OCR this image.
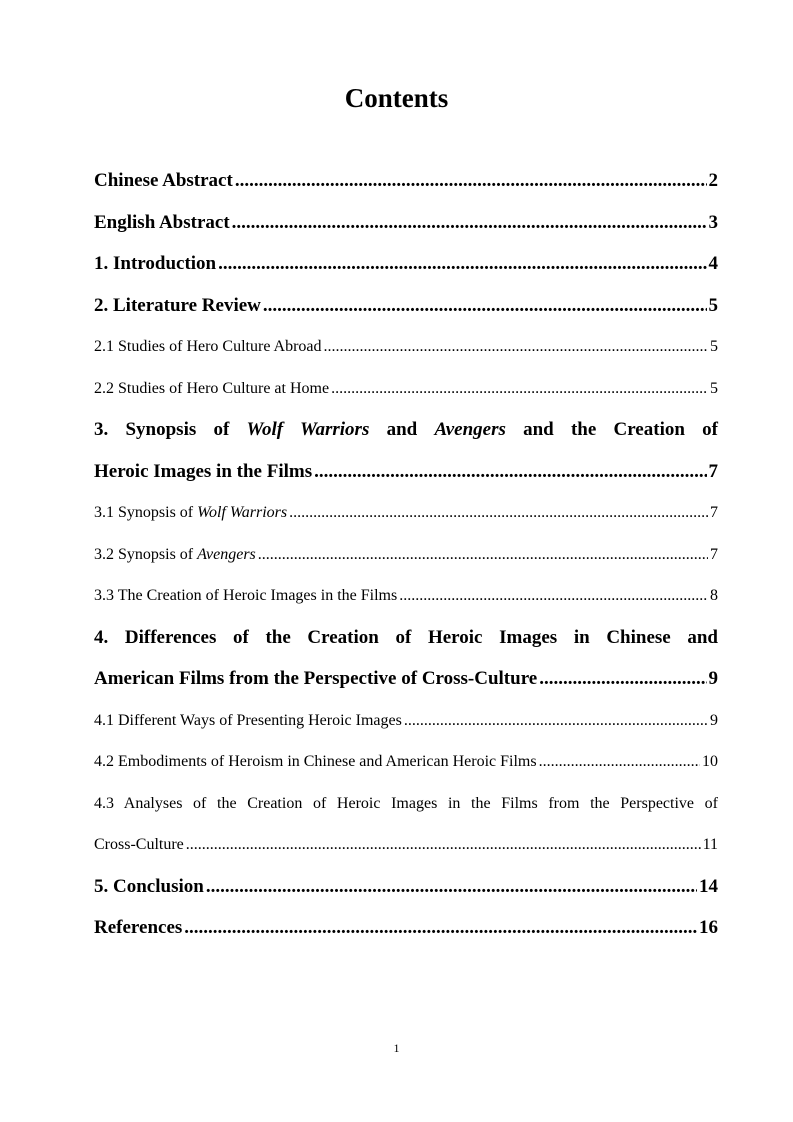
Contents
Chinese Abstract .....	2
English Abstract .....	3
1. Introduction .....	4
2. Literature Review .....	5
2.1 Studies of Hero Culture Abroad .....	5
2.2 Studies of Hero Culture at Home .....	5
3. Synopsis of Wolf Warriors and Avengers and the Creation of
Heroic Images in the Films .....	7
3.1 Synopsis of Wolf Warriors .....	7
3.2 Synopsis of Avengers .....	7
3.3 The Creation of Heroic Images in the Films .....	8
4. Differences of the Creation of Heroic Images in Chinese and
American Films from the Perspective of Cross-Culture .....	9
4.1 Different Ways of Presenting Heroic Images .....	9
4.2 Embodiments of Heroism in Chinese and American Heroic Films .....	10
4.3 Analyses of the Creation of Heroic Images in the Films from the Perspective of
Cross-Culture .....	11
5. Conclusion .....	14
References .....	16
1
